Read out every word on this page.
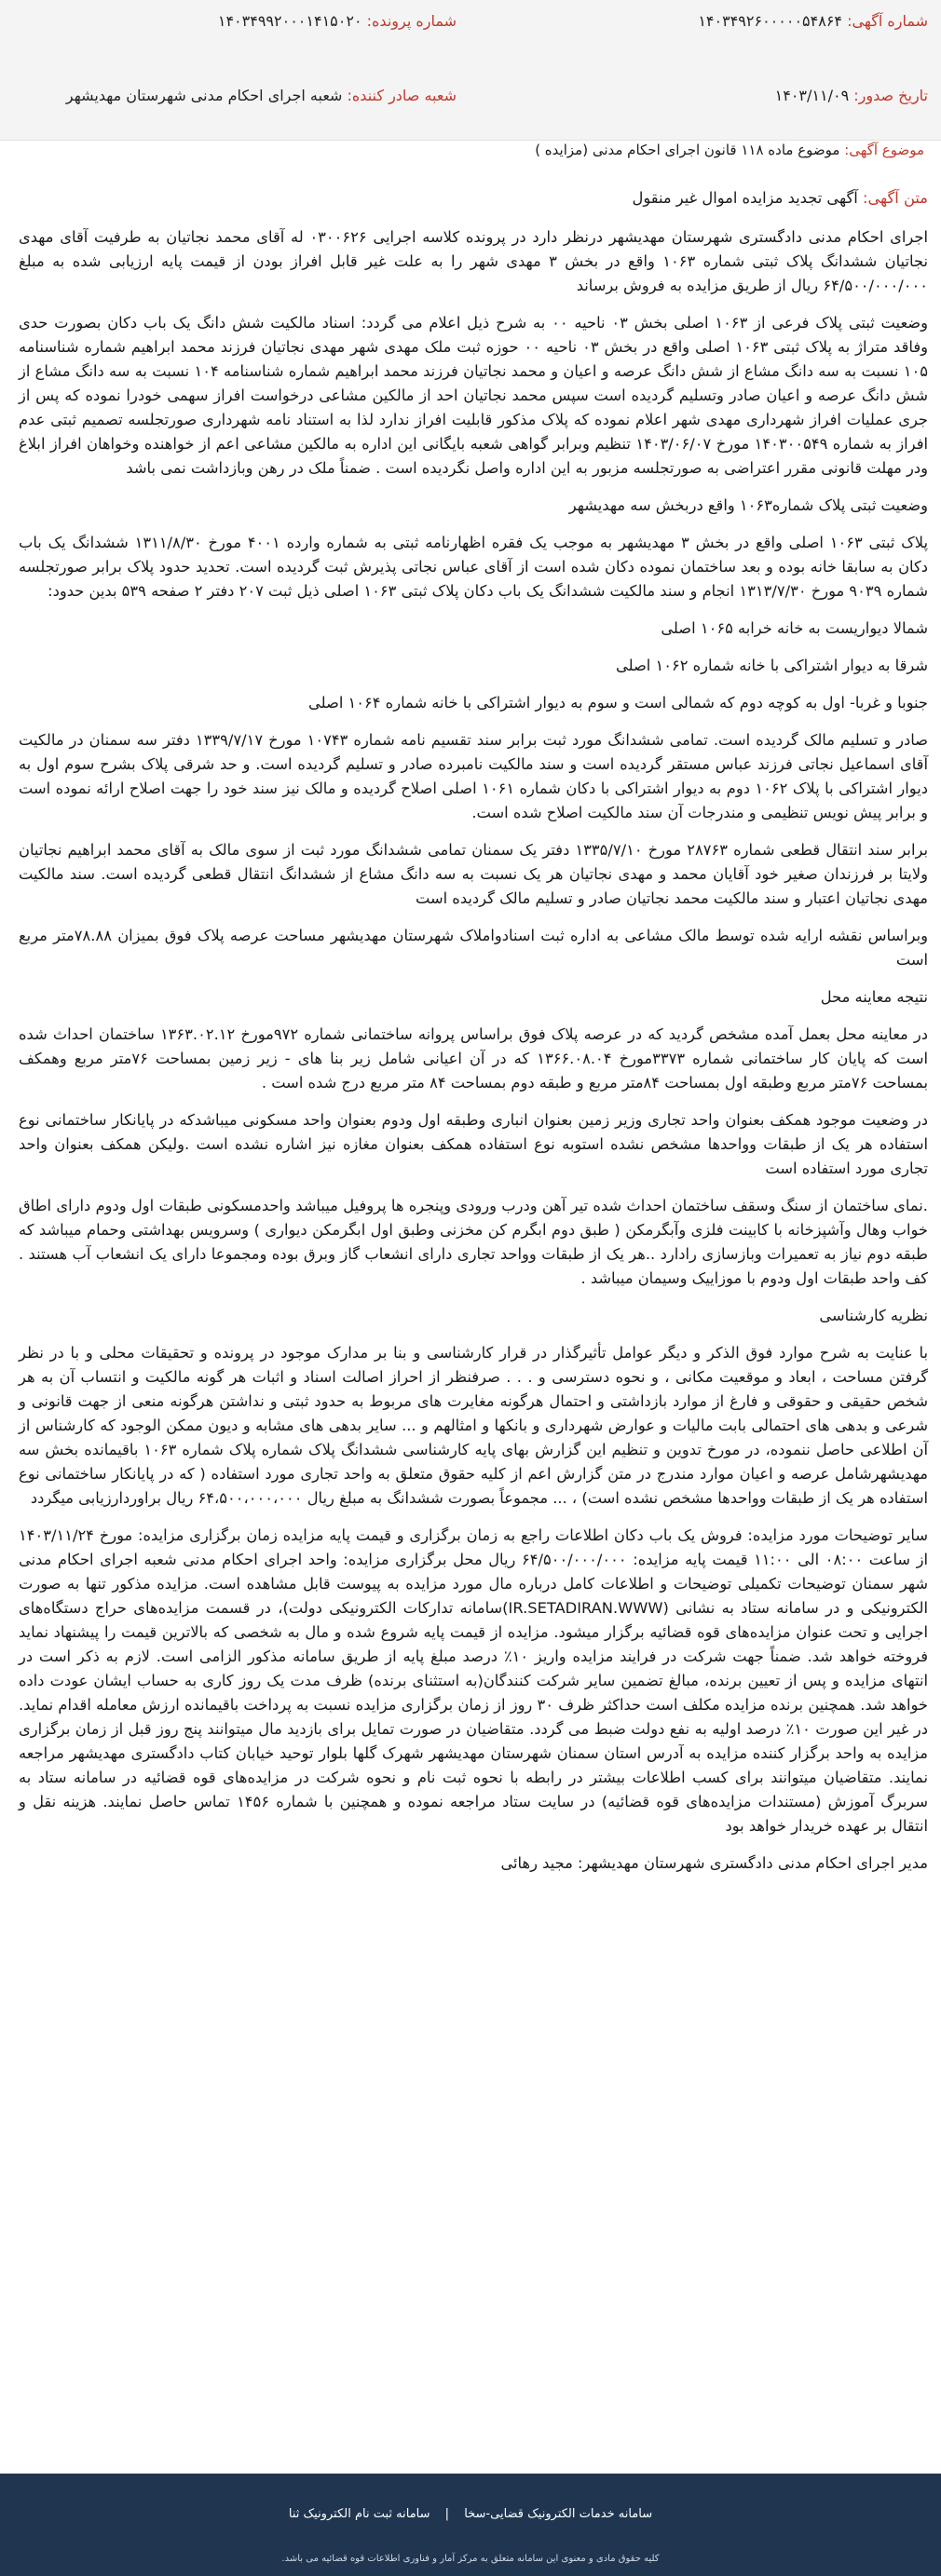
شماره آگهی: ۱۴۰۳۴۹۲۶۰۰۰۰۰۵۴۸۶۴
شماره پرونده: ۱۴۰۳۴۹۹۲۰۰۰۱۴۱۵۰۲۰
تاریخ صدور: ۱۴۰۳/۱۱/۰۹
شعبه صادر کننده: شعبه اجرای احکام مدنی شهرستان مهدیشهر
موضوع آگهی: موضوع ماده ۱۱۸ قانون اجرای احکام مدنی (مزایده )

متن آگهی: آگهی تجدید مزایده اموال غیر منقول

اجرای احکام مدنی دادگستری شهرستان مهدیشهر درنظر دارد در پرونده کلاسه اجرایی ۰۳۰۰۶۲۶ له آقای محمد نجاتیان به طرفیت آقای مهدی نجاتیان ششدانگ پلاک ثبتی شماره ۱۰۶۳ واقع در بخش ۳ مهدی شهر را به علت غیر قابل افراز بودن از قیمت پایه ارزیابی شده به مبلغ ۶۴/۵۰۰/۰۰۰/۰۰۰ ریال از طریق مزایده به فروش برساند

وضعیت ثبتی پلاک فرعی از ۱۰۶۳ اصلی بخش ۰۳ ناحیه ۰۰ به شرح ذیل اعلام می گردد: اسناد مالکیت شش دانگ یک باب دکان بصورت حدی وفاقد متراژ به پلاک ثبتی ۱۰۶۳ اصلی واقع در بخش ۰۳ ناحیه ۰۰ حوزه ثبت ملک مهدی شهر مهدی نجاتیان فرزند محمد ابراهیم شماره شناسنامه ۱۰۵ نسبت به سه دانگ مشاع از شش دانگ عرصه و اعیان و محمد نجاتیان فرزند محمد ابراهیم شماره شناسنامه ۱۰۴ نسبت به سه دانگ مشاع از شش دانگ عرصه و اعیان صادر وتسلیم گردیده است سپس محمد نجاتیان احد از مالکین مشاعی درخواست افراز سهمی خودرا نموده که پس از جری عملیات افراز شهرداری مهدی شهر اعلام نموده که پلاک مذکور قابلیت افراز ندارد لذا به استناد نامه شهرداری صورتجلسه تصمیم ثبتی عدم افراز به شماره ۱۴۰۳۰۰۵۴۹ مورخ ۱۴۰۳/۰۶/۰۷ تنظیم وبرابر گواهی شعبه بایگانی این اداره به مالکین مشاعی اعم از خواهنده وخواهان افراز ابلاغ ودر مهلت قانونی مقرر اعتراضی به صورتجلسه مزبور به این اداره واصل نگردیده است . ضمناً ملک در رهن وبازداشت نمی باشد

وضعیت ثبتی پلاک شماره۱۰۶۳ واقع دربخش سه مهدیشهر

پلاک ثبتی ۱۰۶۳ اصلی واقع در بخش ۳ مهدیشهر به موجب یک فقره اظهارنامه ثبتی به شماره وارده ۴۰۰۱ مورخ ۱۳۱۱/۸/۳۰ ششدانگ یک باب دکان به سابقا خانه بوده و بعد ساختمان نموده دکان شده است از آقای عباس نجاتی پذیرش ثبت گردیده است. تحدید حدود پلاک برابر صورتجلسه شماره ۹۰۳۹ مورخ ۱۳۱۳/۷/۳۰ انجام و سند مالکیت ششدانگ یک باب دکان پلاک ثبتی ۱۰۶۳ اصلی ذیل ثبت ۲۰۷ دفتر ۲ صفحه ۵۳۹ بدین حدود:

شمالا دیواریست به خانه خرابه ۱۰۶۵ اصلی

شرقا به دیوار اشتراکی با خانه شماره ۱۰۶۲ اصلی

جنوبا و غربا- اول به کوچه دوم که شمالی است و سوم به دیوار اشتراکی با خانه شماره ۱۰۶۴ اصلی

صادر و تسلیم مالک گردیده است. تمامی ششدانگ مورد ثبت برابر سند تقسیم نامه شماره ۱۰۷۴۳ مورخ ۱۳۳۹/۷/۱۷ دفتر سه سمنان در مالکیت آقای اسماعیل نجاتی فرزند عباس مستقر گردیده است و سند مالکیت نامبرده صادر و تسلیم گردیده است. و حد شرقی پلاک بشرح سوم اول به دیوار اشتراکی با پلاک ۱۰۶۲ دوم به دیوار اشتراکی با دکان شماره ۱۰۶۱ اصلی اصلاح گردیده و مالک نیز سند خود را جهت اصلاح ارائه نموده است و برابر پیش نویس تنظیمی و مندرجات آن سند مالکیت اصلاح شده است.

برابر سند انتقال قطعی شماره ۲۸۷۶۳ مورخ ۱۳۳۵/۷/۱۰ دفتر یک سمنان تمامی ششدانگ مورد ثبت از سوی مالک به آقای محمد ابراهیم نجاتیان ولایتا بر فرزندان صغیر خود آقایان محمد و مهدی نجاتیان هر یک نسبت به سه دانگ مشاع از ششدانگ انتقال قطعی گردیده است. سند مالکیت مهدی نجاتیان اعتبار و سند مالکیت محمد نجاتیان صادر و تسلیم مالک گردیده است

وبراساس نقشه ارایه شده توسط مالک مشاعی به اداره ثبت اسنادواملاک شهرستان مهدیشهر مساحت عرصه پلاک فوق بمیزان ۷۸.۸۸متر مربع است

نتیجه معاینه محل

در معاینه محل بعمل آمده مشخص گردید که در عرصه پلاک فوق براساس پروانه ساختمانی شماره ۹۷۲مورخ ۱۳۶۳.۰۲.۱۲ ساختمان احداث شده است که پایان کار ساختمانی شماره ۳۳۷۳مورخ ۱۳۶۶.۰۸.۰۴ که در آن اعیانی شامل زیر بنا های - زیر زمین بمساحت ۷۶متر مربع وهمکف بمساحت ۷۶متر مربع وطبقه اول بمساحت ۸۴متر مربع و طبقه دوم بمساحت ۸۴ متر مربع درج شده است .

در وضعیت موجود همکف بعنوان واحد تجاری وزیر زمین بعنوان انباری وطبقه اول ودوم بعنوان واحد مسکونی میباشدکه در پایانکار ساختمانی نوع استفاده هر یک از طبقات وواحدها مشخص نشده استوبه نوع استفاده همکف بعنوان مغازه نیز اشاره نشده است .ولیکن همکف بعنوان واحد تجاری مورد استفاده است

.نمای ساختمان از سنگ وسقف ساختمان احداث شده تیر آهن ودرب ورودی وپنجره ها پروفیل میباشد واحدمسکونی طبقات اول ودوم دارای اطاق خواب وهال وآشپزخانه با کابینت فلزی وآبگرمکن ( طبق دوم ابگرم کن مخزنی وطبق اول ابگرمکن دیواری ) وسرویس بهداشتی وحمام میباشد که طبقه دوم نیاز به تعمیرات وبازسازی رادارد ..هر یک از طبقات وواحد تجاری دارای انشعاب گاز وبرق بوده ومجموعا دارای یک انشعاب آب هستند . کف واحد طبقات اول ودوم با موزاییک وسیمان میباشد .

نظریه کارشناسی

با عنایت به شرح موارد فوق الذکر و دیگر عوامل تأثیرگذار در قرار کارشناسی و بنا بر مدارک موجود در پرونده و تحقیقات محلی و با در نظر گرفتن مساحت ، ابعاد و موقعیت مکانی ، و نحوه دسترسی و . . . صرفنظر از احراز اصالت اسناد و اثبات هر گونه مالکیت و انتساب آن به هر شخص حقیقی و حقوقی و فارغ از موارد بازداشتی و احتمال هرگونه مغایرت های مربوط به حدود ثبتی و نداشتن هرگونه منعی از جهت قانونی و شرعی و بدهی های احتمالی بابت مالیات و عوارض شهرداری و بانکها و امثالهم و ... سایر بدهی های مشابه و دیون ممکن الوجود که کارشناس از آن اطلاعی حاصل ننموده، در مورخ تدوین و تنظیم این گزارش بهای پایه کارشناسی ششدانگ پلاک شماره پلاک شماره ۱۰۶۳ باقیمانده بخش سه مهدیشهرشامل عرصه و اعیان موارد مندرج در متن گزارش اعم از کلیه حقوق متعلق به واحد تجاری مورد استفاده ( که در پایانکار ساختمانی نوع استفاده هر یک از طبقات وواحدها مشخص نشده است) ، ... مجموعاً بصورت ششدانگ به مبلغ ریال ۶۴،۵۰۰،۰۰۰،۰۰۰ ریال براوردارزیابی میگردد

سایر توضیحات مورد مزایده: فروش یک باب دکان اطلاعات راجع به زمان برگزاری و قیمت پایه مزایده زمان برگزاری مزایده: مورخ ۱۴۰۳/۱۱/۲۴ از ساعت ۰۸:۰۰ الی ۱۱:۰۰ قیمت پایه مزایده: ۶۴/۵۰۰/۰۰۰/۰۰۰ ریال محل برگزاری مزایده: واحد اجرای احکام مدنی شعبه اجرای احکام مدنی شهر سمنان توضیحات تکمیلی توضیحات و اطلاعات کامل درباره مال مورد مزایده به پیوست قابل مشاهده است. مزایده مذکور تنها به صورت الکترونیکی و در سامانه ستاد به نشانی (IR.SETADIRAN.WWW)سامانه تدارکات الکترونیکی دولت)، در قسمت مزایده‌های حراج دستگاه‌های اجرایی و تحت عنوان مزایده‌های قوه قضائیه برگزار میشود. مزایده از قیمت پایه شروع شده و مال به شخصی که بالاترین قیمت را پیشنهاد نماید فروخته خواهد شد. ضمناً جهت شرکت در فرایند مزایده واریز ۱۰٪ درصد مبلغ پایه از طریق سامانه مذکور الزامی است. لازم به ذکر است در انتهای مزایده و پس از تعیین برنده، مبالغ تضمین سایر شرکت کنندگان(به استثنای برنده) ظرف مدت یک روز کاری به حساب ایشان عودت داده خواهد شد. همچنین برنده مزایده مکلف است حداکثر ظرف ۳۰ روز از زمان برگزاری مزایده نسبت به پرداخت باقیمانده ارزش معامله اقدام نماید. در غیر این صورت ۱۰٪ درصد اولیه به نفع دولت ضبط می گردد. متقاضیان در صورت تمایل برای بازدید مال میتوانند پنج روز قبل از زمان برگزاری مزایده به واحد برگزار کننده مزایده به آدرس استان سمنان شهرستان مهدیشهر شهرک گلها بلوار توحید خیابان کتاب دادگستری مهدیشهر مراجعه نمایند. متقاضیان میتوانند برای کسب اطلاعات بیشتر در رابطه با نحوه ثبت نام و نحوه شرکت در مزایده‌های قوه قضائیه در سامانه ستاد به سربرگ آموزش (مستندات مزایده‌های قوه قضائیه) در سایت ستاد مراجعه نموده و همچنین با شماره ۱۴۵۶ تماس حاصل نمایند. هزینه نقل و انتقال بر عهده خریدار خواهد بود

مدیر اجرای احکام مدنی دادگستری شهرستان مهدیشهر: مجید رهائی

سامانه خدمات الکترونیک قضایی-سخا | سامانه ثبت نام الکترونیک ثنا
کلیه حقوق مادی و معنوی این سامانه متعلق به مرکز آمار و فناوری اطلاعات قوه قضائیه می باشد.
